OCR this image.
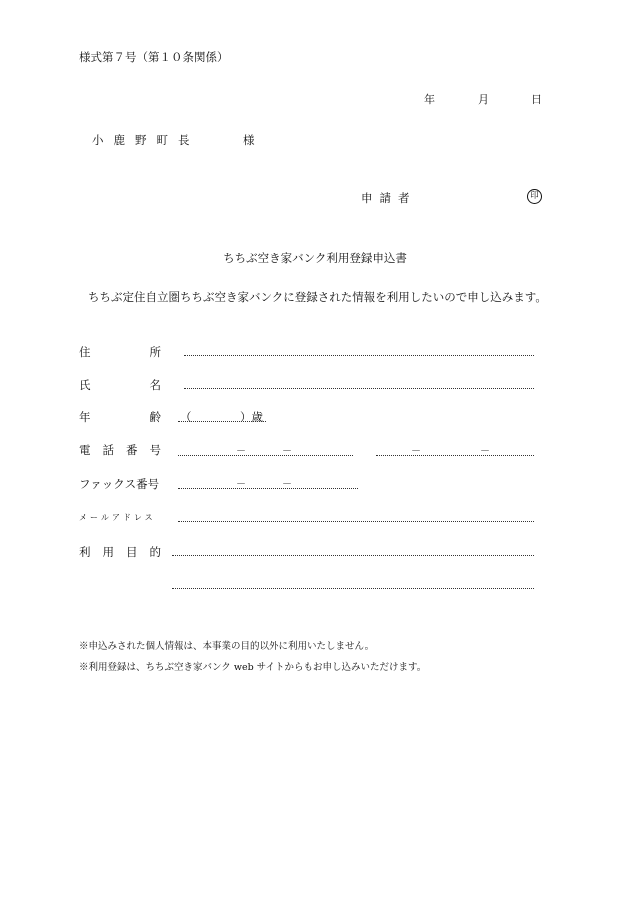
様式第７号（第１０条関係）
年	月	日
小鹿野町長	様
申請者	印
ちちぶ空き家バンク利用登録申込書
ちちぶ定住自立圏ちちぶ空き家バンクに登録された情報を利用したいので申し込みます。
住	所
氏	名
年	齢 （	）歳
電 話 番 号	－	－	－	－
ファックス番号	－	－
メールアドレス
利 用 目 的
※申込みされた個人情報は、本事業の目的以外に利用いたしません。
※利用登録は、ちちぶ空き家バンク web サイトからもお申し込みいただけます。
